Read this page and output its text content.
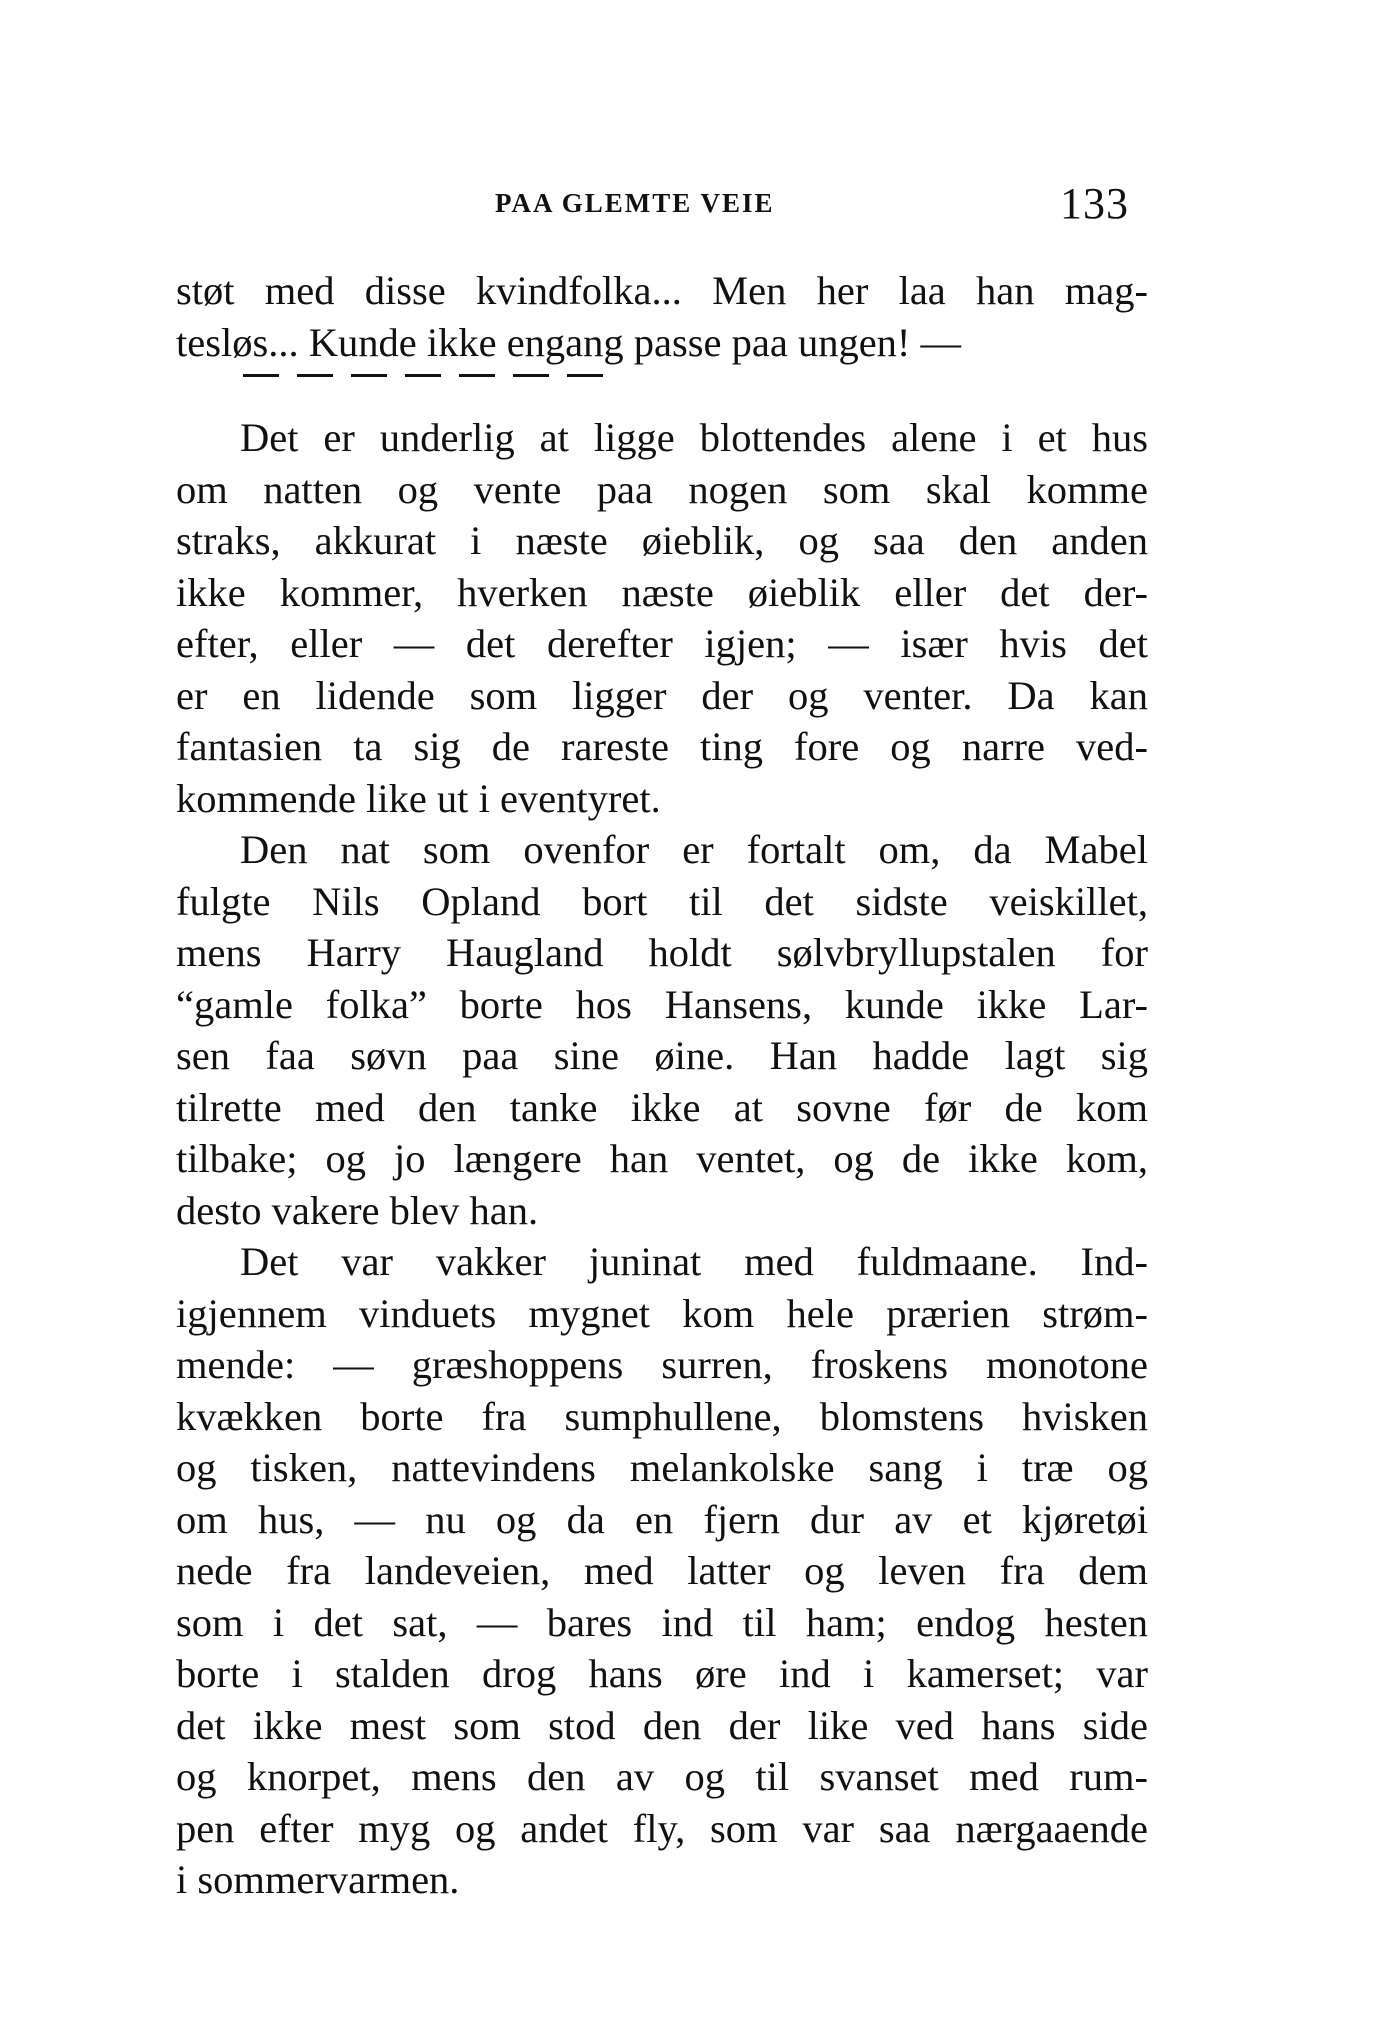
PAA GLEMTE VEIE	133
støt med disse kvindfolka... Men her laa han mag-
tesløs... Kunde ikke engang passe paa ungen! —
Det er underlig at ligge blottendes alene i et hus
om natten og vente paa nogen som skal komme
straks, akkurat i næste øieblik, og saa den anden
ikke kommer, hverken næste øieblik eller det der-
efter, eller — det derefter igjen; — især hvis det
er en lidende som ligger der og venter. Da kan
fantasien ta sig de rareste ting fore og narre ved-
kommende like ut i eventyret.
Den nat som ovenfor er fortalt om, da Mabel
fulgte Nils Opland bort til det sidste veiskillet,
mens Harry Haugland holdt sølvbryllupstalen for
“gamle folka” borte hos Hansens, kunde ikke Lar-
sen faa søvn paa sine øine. Han hadde lagt sig
tilrette med den tanke ikke at sovne før de kom
tilbake; og jo længere han ventet, og de ikke kom,
desto vakere blev han.
Det var vakker juninat med fuldmaane. Ind-
igjennem vinduets mygnet kom hele prærien strøm-
mende: — græshoppens surren, froskens monotone
kvækken borte fra sumphullene, blomstens hvisken
og tisken, nattevindens melankolske sang i træ og
om hus, — nu og da en fjern dur av et kjøretøi
nede fra landeveien, med latter og leven fra dem
som i det sat, — bares ind til ham; endog hesten
borte i stalden drog hans øre ind i kamerset; var
det ikke mest som stod den der like ved hans side
og knorpet, mens den av og til svanset med rum-
pen efter myg og andet fly, som var saa nærgaaende
i sommervarmen.
